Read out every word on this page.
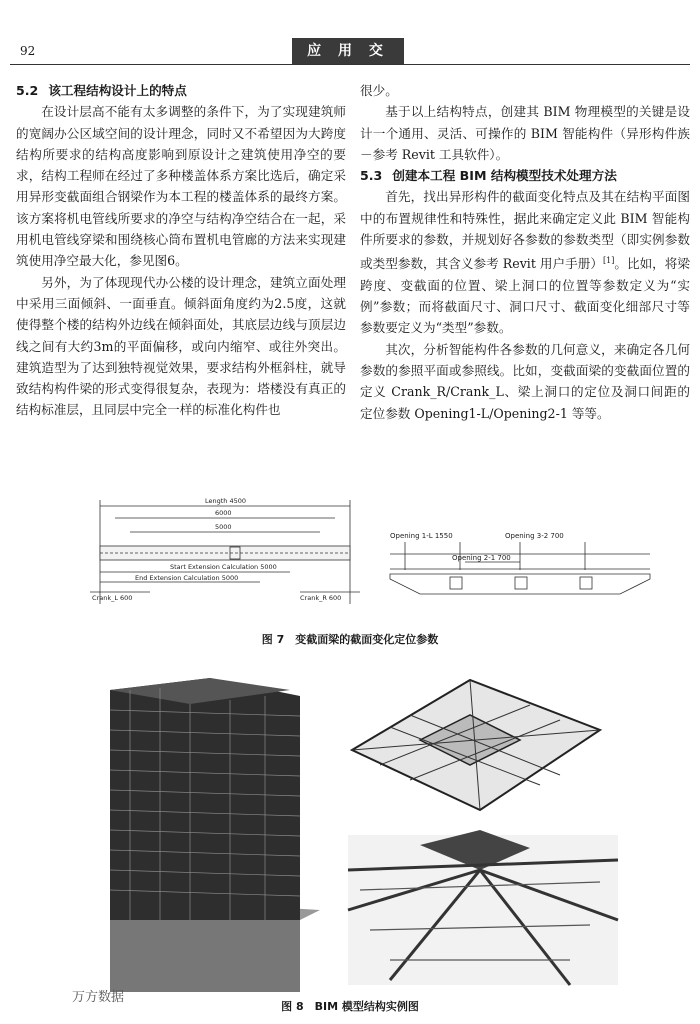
92	应 用 交 流
5.2 该工程结构设计上的特点

在设计层高不能有太多调整的条件下，为了实现建筑师的宽阔办公区域空间的设计理念，同时又不希望因为大跨度结构所要求的结构高度影响到原设计之建筑使用净空的要求，结构工程师在经过了多种楼盖体系方案比选后，确定采用异形变截面组合钢梁作为本工程的楼盖体系的最终方案。该方案将机电管线所要求的净空与结构净空结合在一起，采用机电管线穿梁和围绕核心筒布置机电管廊的方法来实现建筑使用净空最大化，参见图6。

另外，为了体现现代办公楼的设计理念，建筑立面处理中采用三面倾斜、一面垂直。倾斜面角度约为2.5度，这就使得整个楼的结构外边线在倾斜面处，其底层边线与顶层边线之间有大约3m的平面偏移，或向内缩窄、或往外突出。建筑造型为了达到独特视觉效果，要求结构外框斜柱，就导致结构构件梁的形式变得很复杂，表现为：塔楼没有真正的结构标准层，且同层中完全一样的标准化构件也

很少。

基于以上结构特点，创建其 BIM 物理模型的关键是设计一个通用、灵活、可操作的 BIM 智能构件（异形构件族－参考 Revit 工具软件）。

5.3 创建本工程 BIM 结构模型技术处理方法

首先，找出异形构件的截面变化特点及其在结构平面图中的布置规律性和特殊性，据此来确定定义此 BIM 智能构件所要求的参数，并规划好各参数的参数类型（即实例参数或类型参数，其含义参考 Revit 用户手册）[1]。比如，将梁跨度、变截面的位置、梁上洞口的位置等参数定义为“实例”参数；而将截面尺寸、洞口尺寸、截面变化细部尺寸等参数要定义为“类型”参数。

其次，分析智能构件各参数的几何意义，来确定各几何参数的参照平面或参照线。比如，变截面梁的变截面位置的定义 Crank_R/Crank_L、梁上洞口的定位及洞口间距的定位参数 Opening1-L/Opening2-1 等等。

Length 4500
6000
5000
Start Extension Calculation 5000
End Extension Calculation 5000
Crank_L 600	Crank_R 600
Opening 1-L 1550	Opening 3-2 700
Opening 2-1 700
图 7　变截面梁的截面变化定位参数
图 8　BIM 模型结构实例图
万方数据
